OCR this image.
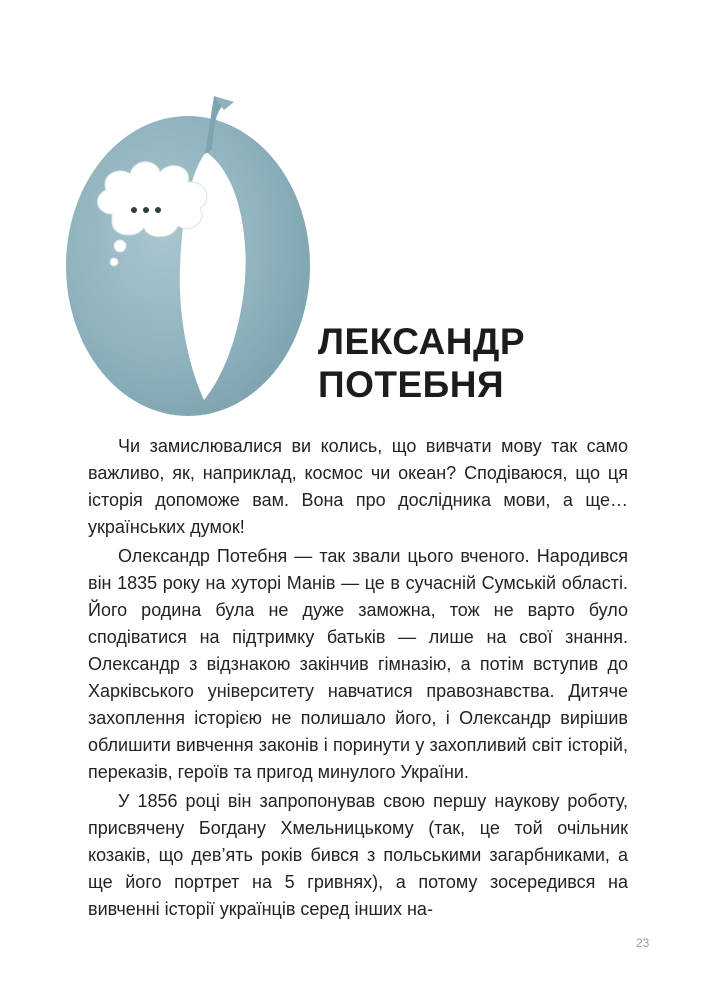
ЛЕКСАНДР
ПОТЕБНЯ

Чи замислювалися ви колись, що вивчати мову так само важливо, як, наприклад, космос чи океан? Сподіваюся, що ця історія допоможе вам. Вона про дослідника мови, а ще…українських думок!

Олександр Потебня — так звали цього вченого. Народився він 1835 року на хуторі Манів — це в сучасній Сумській області. Його родина була не дуже заможна, тож не варто було сподіватися на підтримку батьків — лише на свої знання. Олександр з відзнакою закінчив гімназію, а потім вступив до Харківського університету навчатися правознавства. Дитяче захоплення історією не полишало його, і Олександр вирішив облишити вивчення законів і поринути у захопливий світ історій, переказів, героїв та пригод минулого України.

У 1856 році він запропонував свою першу наукову роботу, присвячену Богдану Хмельницькому (так, це той очільник козаків, що дев’ять років бився з польськими загарбниками, а ще його портрет на 5 гривнях), а потому зосередився на вивченні історії українців серед інших на-

23
